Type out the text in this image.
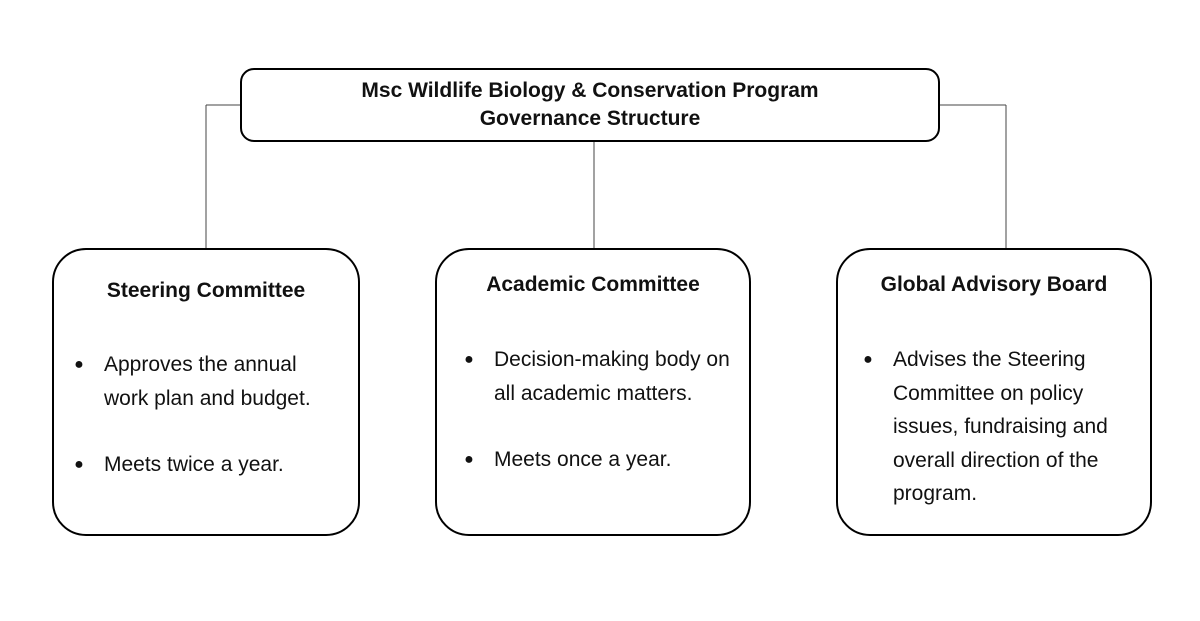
Msc Wildlife Biology & Conservation Program
Governance Structure
Steering Committee
● Approves the annual work plan and budget.
● Meets twice a year.
Academic Committee
● Decision-making body on all academic matters.
● Meets once a year.
Global Advisory Board
● Advises the Steering Committee on policy issues, fundraising and overall direction of the program.
